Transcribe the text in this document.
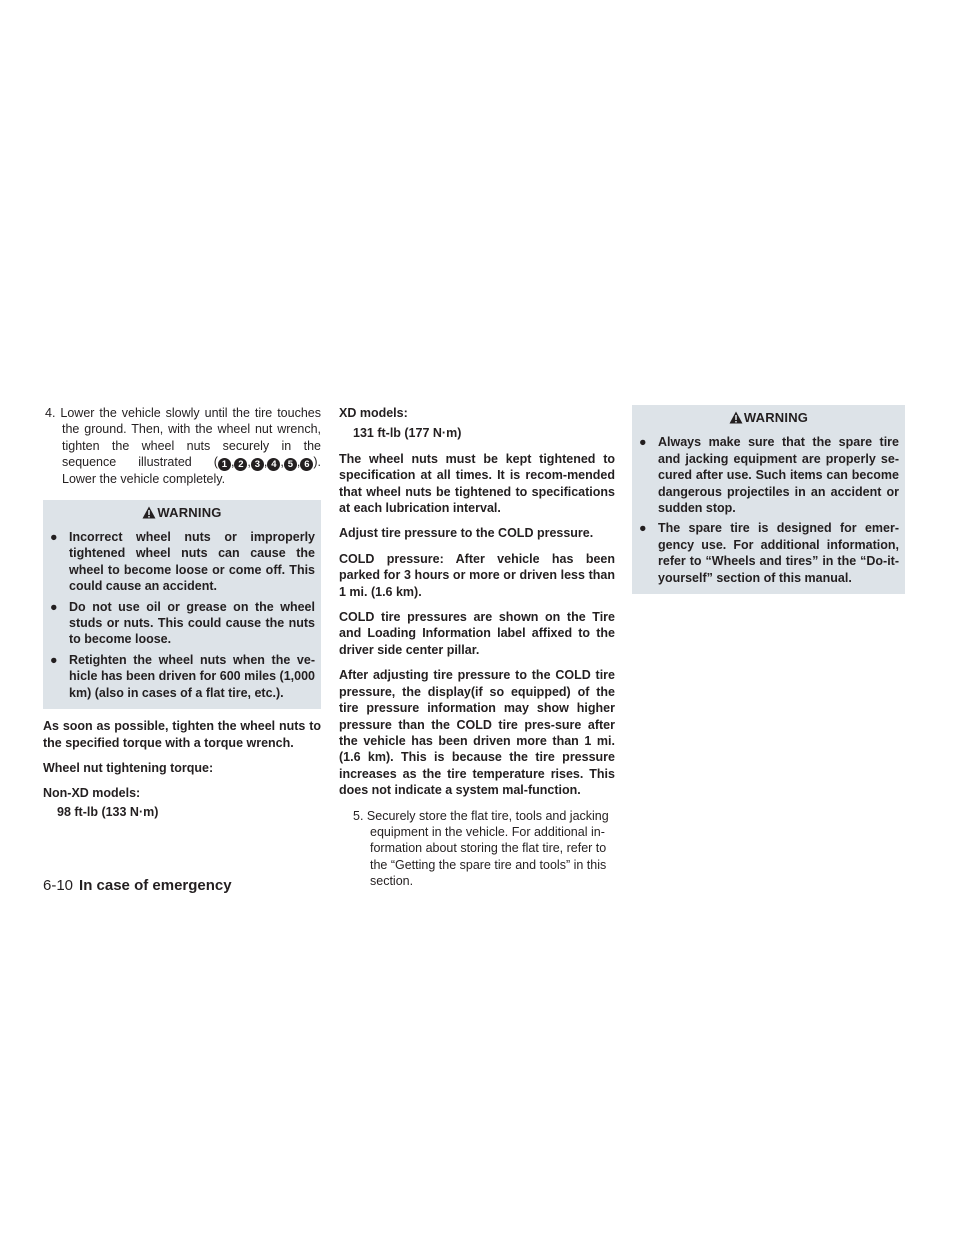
4. Lower the vehicle slowly until the tire touches the ground. Then, with the wheel nut wrench, tighten the wheel nuts securely in the sequence illustrated ( 1 , 2 , 3 , 4 , 5 , 6 ). Lower the vehicle completely.

WARNING
● Incorrect wheel nuts or improperly tightened wheel nuts can cause the wheel to become loose or come off. This could cause an accident.
● Do not use oil or grease on the wheel studs or nuts. This could cause the nuts to become loose.
● Retighten the wheel nuts when the ve-hicle has been driven for 600 miles (1,000 km) (also in cases of a flat tire, etc.).

As soon as possible, tighten the wheel nuts to the specified torque with a torque wrench.

Wheel nut tightening torque:

Non-XD models:

98 ft-lb (133 N·m)

XD models:

131 ft-lb (177 N·m)

The wheel nuts must be kept tightened to specification at all times. It is recom-mended that wheel nuts be tightened to specifications at each lubrication interval.

Adjust tire pressure to the COLD pressure.

COLD pressure: After vehicle has been parked for 3 hours or more or driven less than 1 mi. (1.6 km).

COLD tire pressures are shown on the Tire and Loading Information label affixed to the driver side center pillar.

After adjusting tire pressure to the COLD tire pressure, the display(if so equipped) of the tire pressure information may show higher pressure than the COLD tire pres-sure after the vehicle has been driven more than 1 mi. (1.6 km). This is because the tire pressure increases as the tire temperature rises. This does not indicate a system mal-function.

5. Securely store the flat tire, tools and jacking equipment in the vehicle. For additional in-formation about storing the flat tire, refer to the “Getting the spare tire and tools” in this section.

WARNING
● Always make sure that the spare tire and jacking equipment are properly se-cured after use. Such items can become dangerous projectiles in an accident or sudden stop.
● The spare tire is designed for emer-gency use. For additional information, refer to “Wheels and tires” in the “Do-it-yourself” section of this manual.
6-10 In case of emergency
